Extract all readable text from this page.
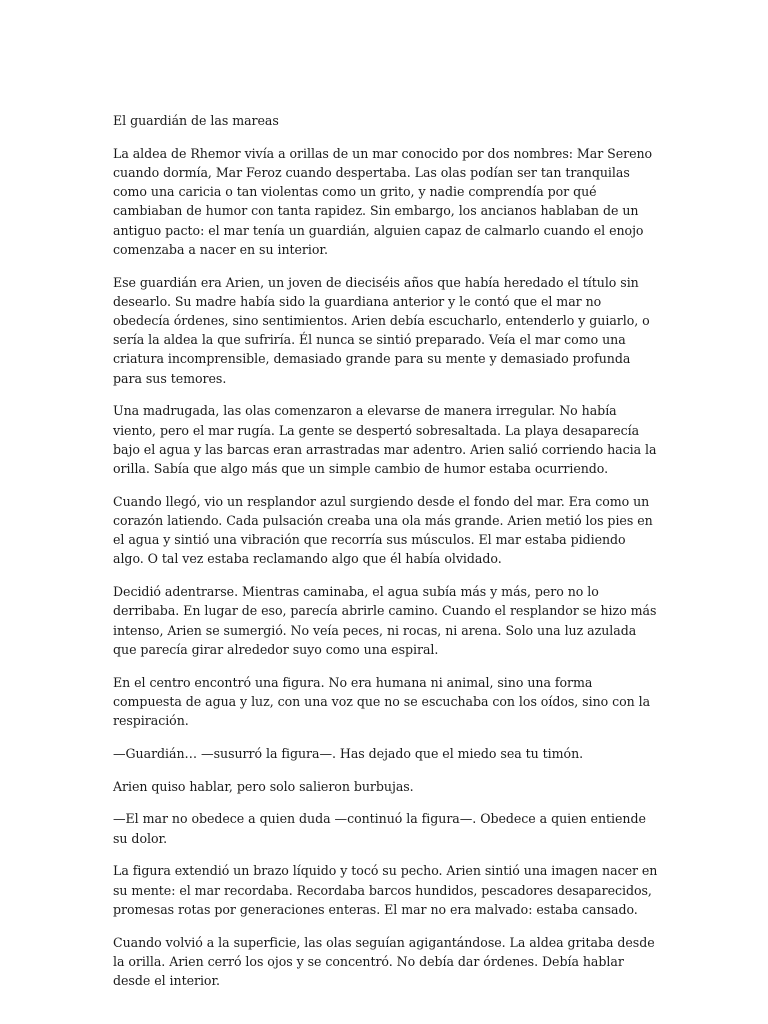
El guardián de las mareas

La aldea de Rhemor vivía a orillas de un mar conocido por dos nombres: Mar Sereno cuando dormía, Mar Feroz cuando despertaba. Las olas podían ser tan tranquilas como una caricia o tan violentas como un grito, y nadie comprendía por qué cambiaban de humor con tanta rapidez. Sin embargo, los ancianos hablaban de un antiguo pacto: el mar tenía un guardián, alguien capaz de calmarlo cuando el enojo comenzaba a nacer en su interior.

Ese guardián era Arien, un joven de dieciséis años que había heredado el título sin desearlo. Su madre había sido la guardiana anterior y le contó que el mar no obedecía órdenes, sino sentimientos. Arien debía escucharlo, entenderlo y guiarlo, o sería la aldea la que sufriría. Él nunca se sintió preparado. Veía el mar como una criatura incomprensible, demasiado grande para su mente y demasiado profunda para sus temores.

Una madrugada, las olas comenzaron a elevarse de manera irregular. No había viento, pero el mar rugía. La gente se despertó sobresaltada. La playa desaparecía bajo el agua y las barcas eran arrastradas mar adentro. Arien salió corriendo hacia la orilla. Sabía que algo más que un simple cambio de humor estaba ocurriendo.

Cuando llegó, vio un resplandor azul surgiendo desde el fondo del mar. Era como un corazón latiendo. Cada pulsación creaba una ola más grande. Arien metió los pies en el agua y sintió una vibración que recorría sus músculos. El mar estaba pidiendo algo. O tal vez estaba reclamando algo que él había olvidado.

Decidió adentrarse. Mientras caminaba, el agua subía más y más, pero no lo derribaba. En lugar de eso, parecía abrirle camino. Cuando el resplandor se hizo más intenso, Arien se sumergió. No veía peces, ni rocas, ni arena. Solo una luz azulada que parecía girar alrededor suyo como una espiral.

En el centro encontró una figura. No era humana ni animal, sino una forma compuesta de agua y luz, con una voz que no se escuchaba con los oídos, sino con la respiración.

—Guardián… —susurró la figura—. Has dejado que el miedo sea tu timón.

Arien quiso hablar, pero solo salieron burbujas.

—El mar no obedece a quien duda —continuó la figura—. Obedece a quien entiende su dolor.

La figura extendió un brazo líquido y tocó su pecho. Arien sintió una imagen nacer en su mente: el mar recordaba. Recordaba barcos hundidos, pescadores desaparecidos, promesas rotas por generaciones enteras. El mar no era malvado: estaba cansado.

Cuando volvió a la superficie, las olas seguían agigantándose. La aldea gritaba desde la orilla. Arien cerró los ojos y se concentró. No debía dar órdenes. Debía hablar desde el interior.
